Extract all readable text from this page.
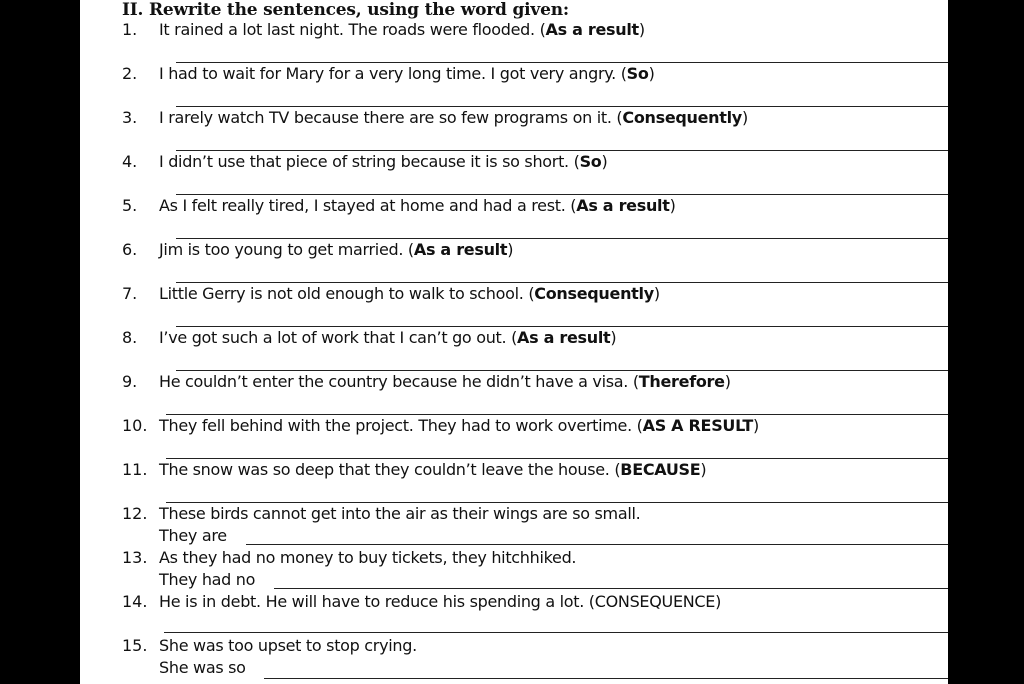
II. Rewrite the sentences, using the word given:
1. It rained a lot last night. The roads were flooded. (As a result)
2. I had to wait for Mary for a very long time. I got very angry. (So)
3. I rarely watch TV because there are so few programs on it. (Consequently)
4. I didn’t use that piece of string because it is so short. (So)
5. As I felt really tired, I stayed at home and had a rest. (As a result)
6. Jim is too young to get married. (As a result)
7. Little Gerry is not old enough to walk to school. (Consequently)
8. I’ve got such a lot of work that I can’t go out. (As a result)
9. He couldn’t enter the country because he didn’t have a visa. (Therefore)
10. They fell behind with the project. They had to work overtime. (AS A RESULT)
11. The snow was so deep that they couldn’t leave the house. (BECAUSE)
12. These birds cannot get into the air as their wings are so small.
They are
13. As they had no money to buy tickets, they hitchhiked.
They had no
14. He is in debt. He will have to reduce his spending a lot. (CONSEQUENCE)
15. She was too upset to stop crying.
She was so
